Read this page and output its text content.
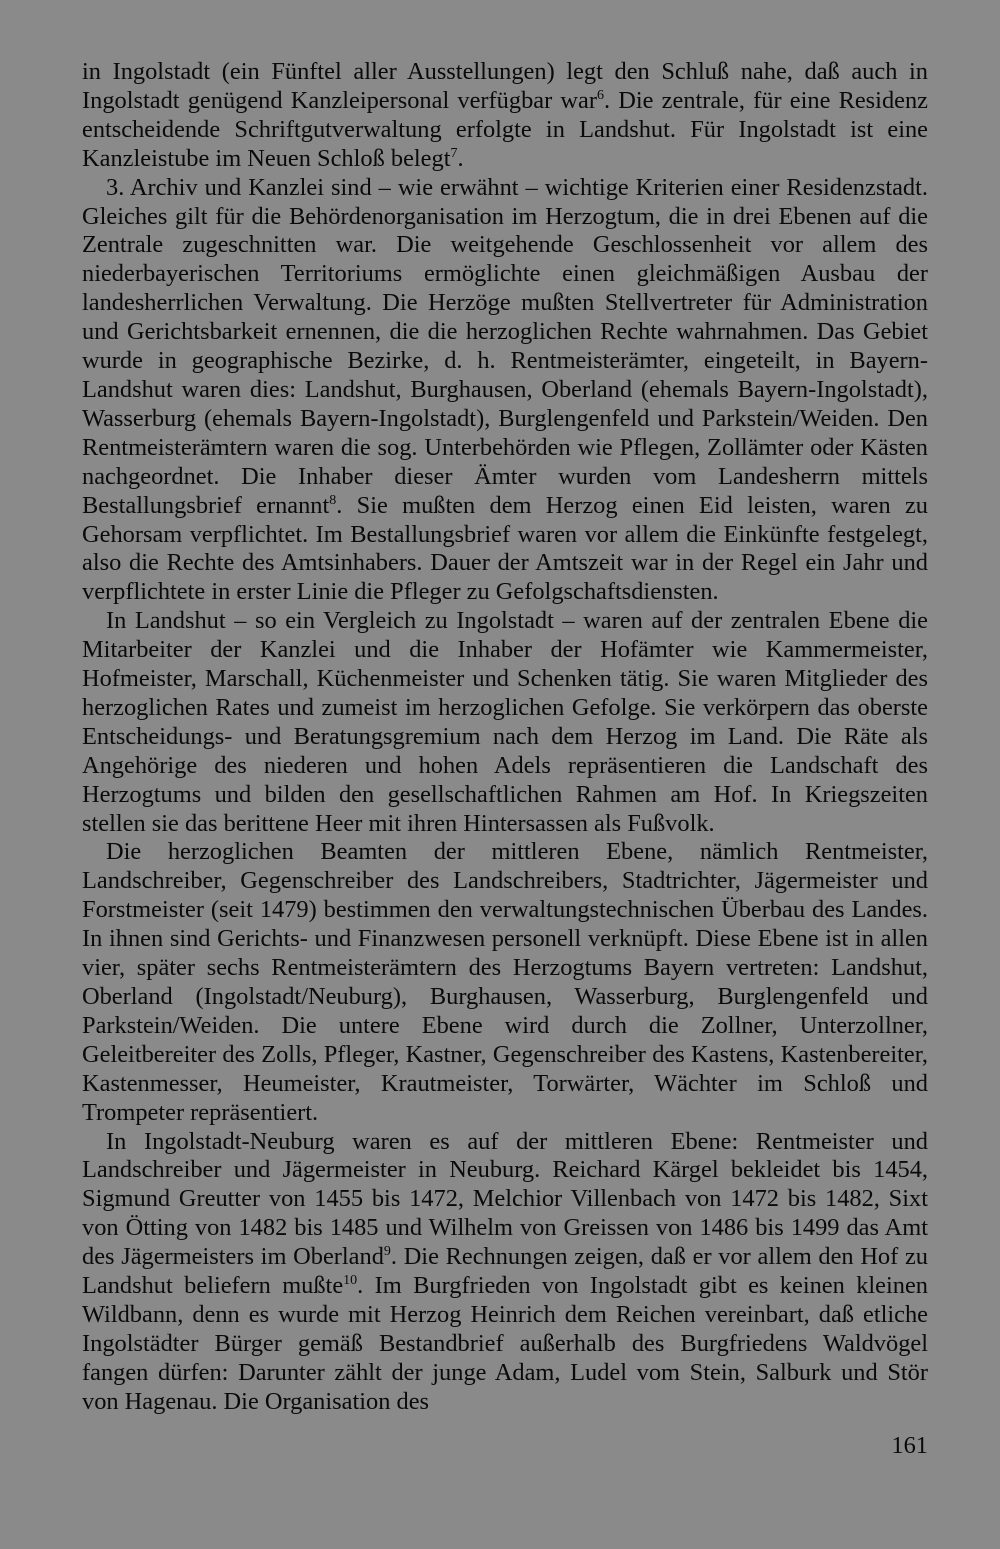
in Ingolstadt (ein Fünftel aller Ausstellungen) legt den Schluß nahe, daß auch in Ingolstadt genügend Kanzleipersonal verfügbar war$^6$. Die zentrale, für eine Residenz entscheidende Schriftgutverwaltung erfolgte in Landshut. Für Ingolstadt ist eine Kanzleistube im Neuen Schloß belegt$^7$.

3. Archiv und Kanzlei sind – wie erwähnt – wichtige Kriterien einer Residenzstadt. Gleiches gilt für die Behördenorganisation im Herzogtum, die in drei Ebenen auf die Zentrale zugeschnitten war. Die weitgehende Geschlossenheit vor allem des niederbayerischen Territoriums ermöglichte einen gleichmäßigen Ausbau der landesherrlichen Verwaltung. Die Herzöge mußten Stellvertreter für Administration und Gerichtsbarkeit ernennen, die die herzoglichen Rechte wahrnahmen. Das Gebiet wurde in geographische Bezirke, d. h. Rentmeisterämter, eingeteilt, in Bayern-Landshut waren dies: Landshut, Burghausen, Oberland (ehemals Bayern-Ingolstadt), Wasserburg (ehemals Bayern-Ingolstadt), Burglengenfeld und Parkstein/Weiden. Den Rentmeisterämtern waren die sog. Unterbehörden wie Pflegen, Zollämter oder Kästen nachgeordnet. Die Inhaber dieser Ämter wurden vom Landesherrn mittels Bestallungsbrief ernannt$^8$. Sie mußten dem Herzog einen Eid leisten, waren zu Gehorsam verpflichtet. Im Bestallungsbrief waren vor allem die Einkünfte festgelegt, also die Rechte des Amtsinhabers. Dauer der Amtszeit war in der Regel ein Jahr und verpflichtete in erster Linie die Pfleger zu Gefolgschaftsdiensten.

In Landshut – so ein Vergleich zu Ingolstadt – waren auf der zentralen Ebene die Mitarbeiter der Kanzlei und die Inhaber der Hofämter wie Kammermeister, Hofmeister, Marschall, Küchenmeister und Schenken tätig. Sie waren Mitglieder des herzoglichen Rates und zumeist im herzoglichen Gefolge. Sie verkörpern das oberste Entscheidungs- und Beratungsgremium nach dem Herzog im Land. Die Räte als Angehörige des niederen und hohen Adels repräsentieren die Landschaft des Herzogtums und bilden den gesellschaftlichen Rahmen am Hof. In Kriegszeiten stellen sie das berittene Heer mit ihren Hintersassen als Fußvolk.

Die herzoglichen Beamten der mittleren Ebene, nämlich Rentmeister, Landschreiber, Gegenschreiber des Landschreibers, Stadtrichter, Jägermeister und Forstmeister (seit 1479) bestimmen den verwaltungstechnischen Überbau des Landes. In ihnen sind Gerichts- und Finanzwesen personell verknüpft. Diese Ebene ist in allen vier, später sechs Rentmeisterämtern des Herzogtums Bayern vertreten: Landshut, Oberland (Ingolstadt/Neuburg), Burghausen, Wasserburg, Burglengenfeld und Parkstein/Weiden. Die untere Ebene wird durch die Zollner, Unterzollner, Geleitbereiter des Zolls, Pfleger, Kastner, Gegenschreiber des Kastens, Kastenbereiter, Kastenmesser, Heumeister, Krautmeister, Torwärter, Wächter im Schloß und Trompeter repräsentiert.

In Ingolstadt-Neuburg waren es auf der mittleren Ebene: Rentmeister und Landschreiber und Jägermeister in Neuburg. Reichard Kärgel bekleidet bis 1454, Sigmund Greutter von 1455 bis 1472, Melchior Villenbach von 1472 bis 1482, Sixt von Ötting von 1482 bis 1485 und Wilhelm von Greissen von 1486 bis 1499 das Amt des Jägermeisters im Oberland$^9$. Die Rechnungen zeigen, daß er vor allem den Hof zu Landshut beliefern mußte$^{10}$. Im Burgfrieden von Ingolstadt gibt es keinen kleinen Wildbann, denn es wurde mit Herzog Heinrich dem Reichen vereinbart, daß etliche Ingolstädter Bürger gemäß Bestandbrief außerhalb des Burgfriedens Waldvögel fangen dürfen: Darunter zählt der junge Adam, Ludel vom Stein, Salburk und Stör von Hagenau. Die Organisation des

161
